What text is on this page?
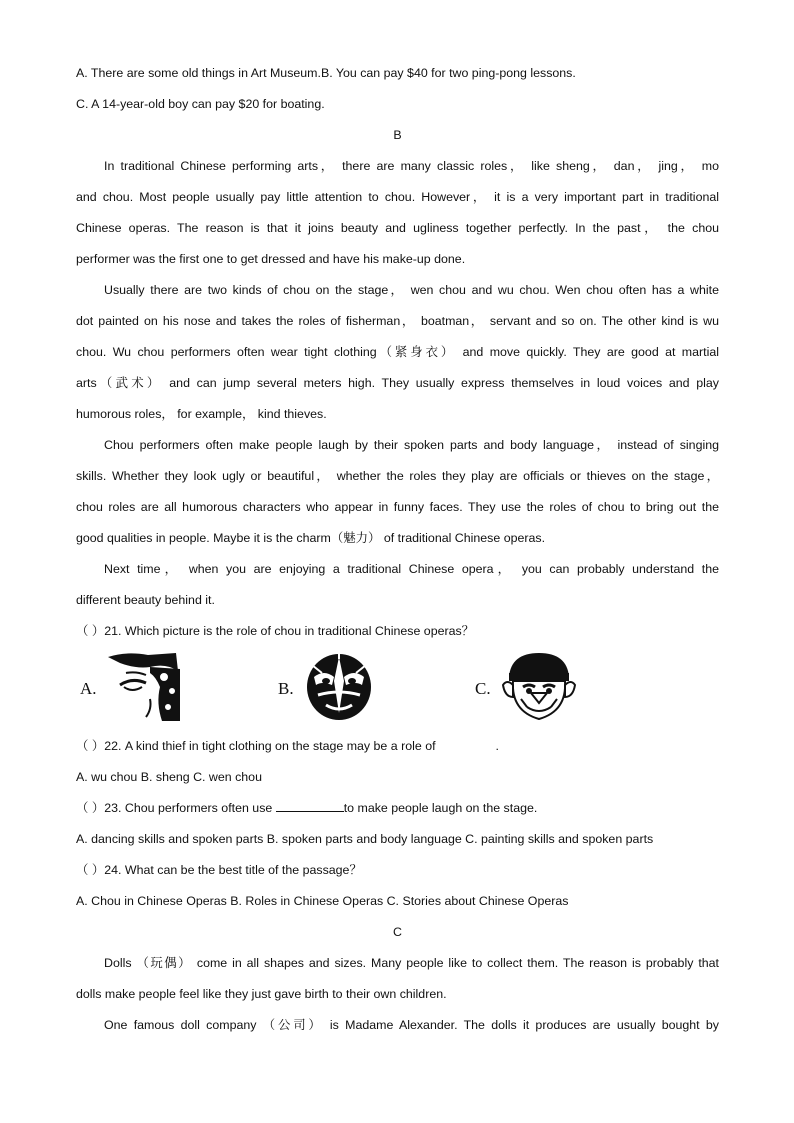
A. There are some old things in Art Museum.B. You can pay $40 for two ping-pong lessons.
C. A 14-year-old boy can pay $20 for boating.
B
In traditional Chinese performing arts， there are many classic roles， like sheng， dan， jing， mo
and chou. Most people usually pay little attention to chou. However， it is a very important part in traditional
Chinese operas. The reason is that it joins beauty and ugliness together perfectly. In the past， the chou
performer was the first one to get dressed and have his make-up done.
Usually there are two kinds of chou on the stage， wen chou and wu chou. Wen chou often has a white
dot painted on his nose and takes the roles of fisherman， boatman， servant and so on. The other kind is wu
chou. Wu chou performers often wear tight clothing（紧身衣） and move quickly. They are good at martial
arts（武术） and can jump several meters high. They usually express themselves in loud voices and play
humorous roles， for example， kind thieves.
Chou performers often make people laugh by their spoken parts and body language， instead of singing
skills. Whether they look ugly or beautiful， whether the roles they play are officials or thieves on the stage，
chou roles are all humorous characters who appear in funny faces. They use the roles of chou to bring out the
good qualities in people. Maybe it is the charm（魅力） of traditional Chinese operas.
Next time， when you are enjoying a traditional Chinese opera， you can probably understand the
different beauty behind it.
（ ）21. Which picture is the role of chou in traditional Chinese operas？
A.	B.	C.
（ ）22. A kind thief in tight clothing on the stage may be a role of	.
A. wu chou B. sheng C. wen chou
（ ）23. Chou performers often use	to make people laugh on the stage.
A. dancing skills and spoken parts B. spoken parts and body language C. painting skills and spoken parts
（ ）24. What can be the best title of the passage？
A. Chou in Chinese Operas B. Roles in Chinese Operas C. Stories about Chinese Operas
C
Dolls （玩偶） come in all shapes and sizes. Many people like to collect them. The reason is probably that
dolls make people feel like they just gave birth to their own children.
One famous doll company （公司） is Madame Alexander. The dolls it produces are usually bought by
